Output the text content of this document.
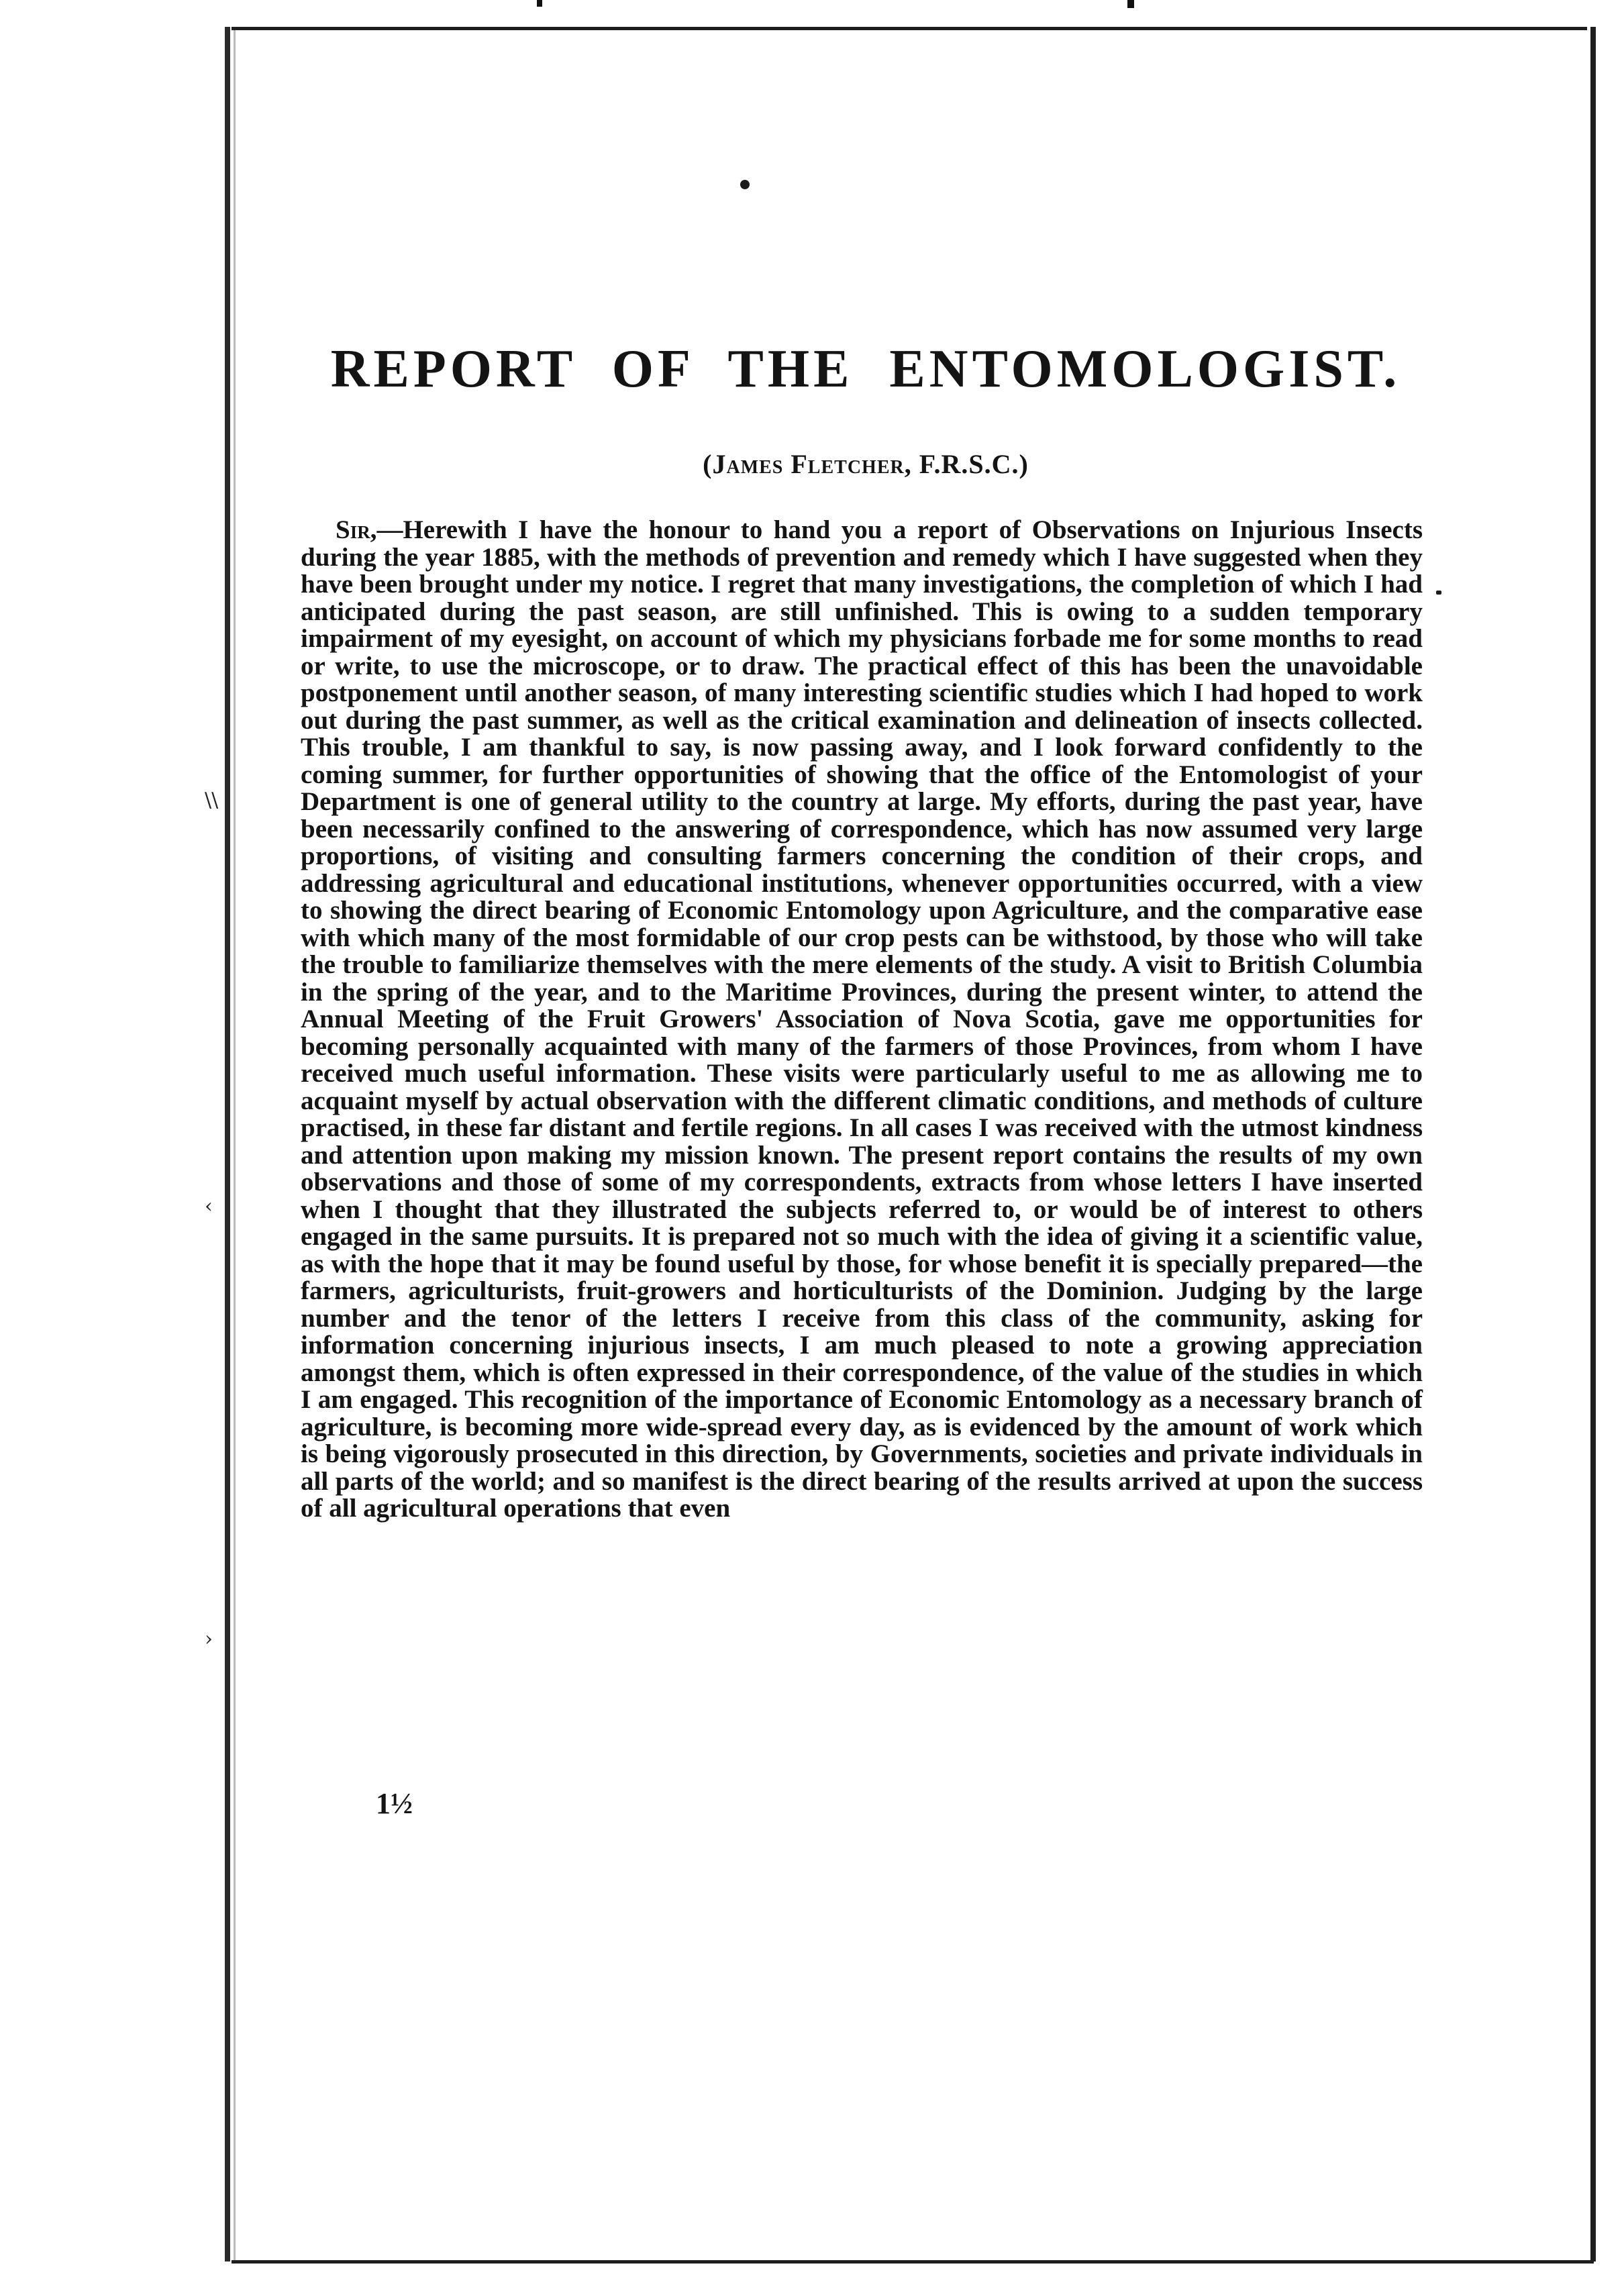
\\
‹
›
REPORT OF THE ENTOMOLOGIST.

(James Fletcher, F.R.S.C.)

Sir,—Herewith I have the honour to hand you a report of Observations on Injurious Insects during the year 1885, with the methods of prevention and remedy which I have suggested when they have been brought under my notice. I regret that many investigations, the completion of which I had anticipated during the past season, are still unfinished. This is owing to a sudden temporary impairment of my eyesight, on account of which my physicians forbade me for some months to read or write, to use the microscope, or to draw. The practical effect of this has been the unavoidable postponement until another season, of many interesting scientific studies which I had hoped to work out during the past summer, as well as the critical examination and delineation of insects collected. This trouble, I am thankful to say, is now passing away, and I look forward confidently to the coming summer, for further opportunities of showing that the office of the Entomologist of your Department is one of general utility to the country at large. My efforts, during the past year, have been necessarily confined to the answering of correspondence, which has now assumed very large proportions, of visiting and consulting farmers concerning the condition of their crops, and addressing agricultural and educational institutions, whenever opportunities occurred, with a view to showing the direct bearing of Economic Entomology upon Agriculture, and the comparative ease with which many of the most formidable of our crop pests can be withstood, by those who will take the trouble to familiarize themselves with the mere elements of the study. A visit to British Columbia in the spring of the year, and to the Maritime Provinces, during the present winter, to attend the Annual Meeting of the Fruit Growers' Association of Nova Scotia, gave me opportunities for becoming personally acquainted with many of the farmers of those Provinces, from whom I have received much useful information. These visits were particularly useful to me as allowing me to acquaint myself by actual observation with the different climatic conditions, and methods of culture practised, in these far distant and fertile regions. In all cases I was received with the utmost kindness and attention upon making my mission known. The present report contains the results of my own observations and those of some of my correspondents, extracts from whose letters I have inserted when I thought that they illustrated the subjects referred to, or would be of interest to others engaged in the same pursuits. It is prepared not so much with the idea of giving it a scientific value, as with the hope that it may be found useful by those, for whose benefit it is specially prepared—the farmers, agriculturists, fruit-growers and horticulturists of the Dominion. Judging by the large number and the tenor of the letters I receive from this class of the community, asking for information concerning injurious insects, I am much pleased to note a growing appreciation amongst them, which is often expressed in their correspondence, of the value of the studies in which I am engaged. This recognition of the importance of Economic Entomology as a necessary branch of agriculture, is becoming more wide-spread every day, as is evidenced by the amount of work which is being vigorously prosecuted in this direction, by Governments, societies and private individuals in all parts of the world; and so manifest is the direct bearing of the results arrived at upon the success of all agricultural operations that even

1½
